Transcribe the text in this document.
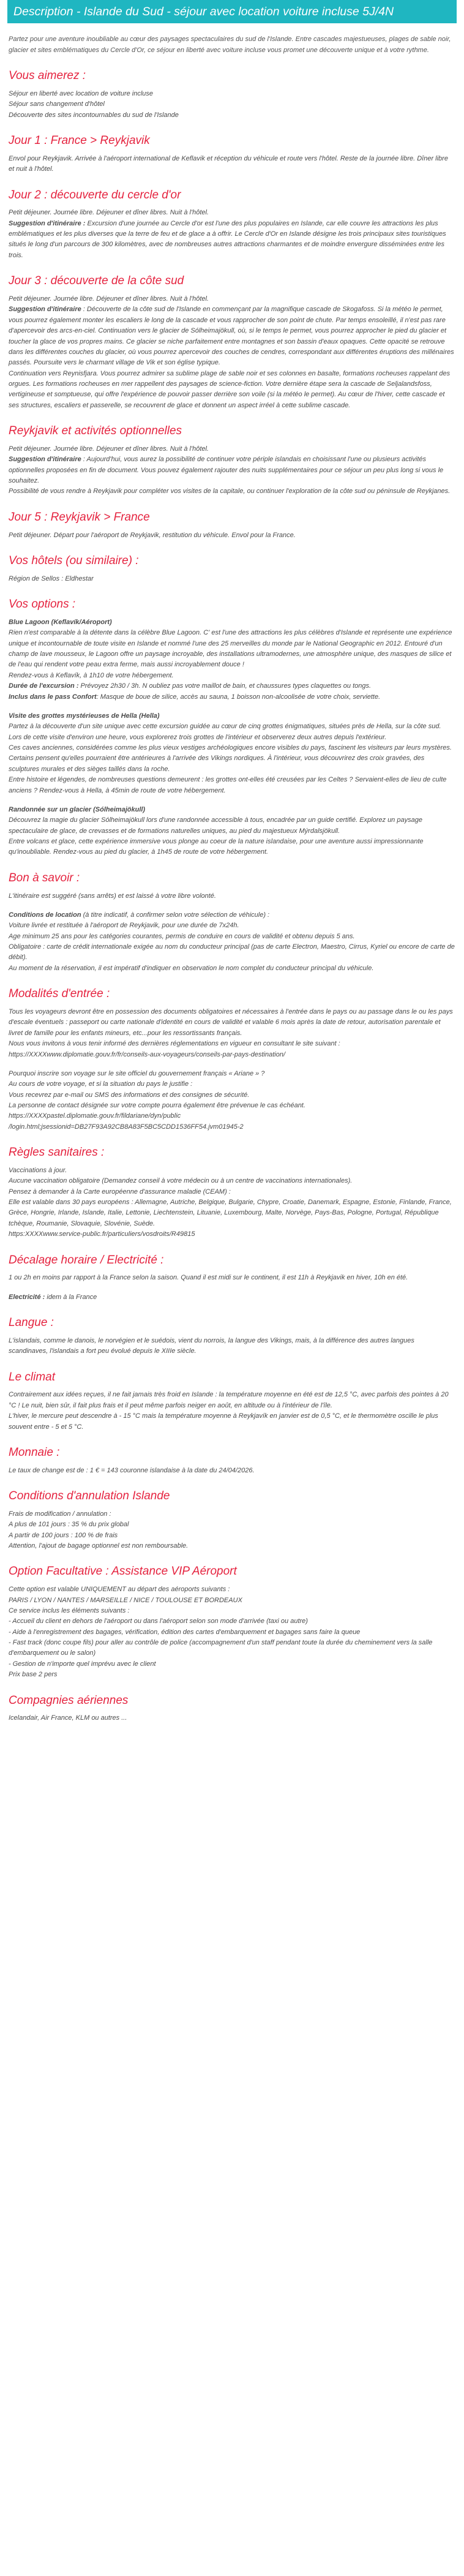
Description - Islande du Sud - séjour avec location voiture incluse 5J/4N

Partez pour une aventure inoubliable au cœur des paysages spectaculaires du sud de l'Islande. Entre cascades majestueuses, plages de sable noir, glacier et sites emblématiques du Cercle d'Or, ce séjour en liberté avec voiture incluse vous promet une découverte unique et à votre rythme.

Vous aimerez :

Séjour en liberté avec location de voiture incluse

Séjour sans changement d'hôtel

Découverte des sites incontournables du sud de l'Islande

Jour 1 : France > Reykjavik

Envol pour Reykjavik. Arrivée à l'aéroport international de Keflavik et réception du véhicule et route vers l'hôtel. Reste de la journée libre. Dîner libre et nuit à l'hôtel.

Jour 2 : découverte du cercle d'or

Petit déjeuner. Journée libre. Déjeuner et dîner libres. Nuit à l'hôtel.

Suggestion d'itinéraire : Excursion d'une journée au Cercle d'or est l'une des plus populaires en Islande, car elle couvre les attractions les plus emblématiques et les plus diverses que la terre de feu et de glace a à offrir. Le Cercle d'Or en Islande désigne les trois principaux sites touristiques situés le long d'un parcours de 300 kilomètres, avec de nombreuses autres attractions charmantes et de moindre envergure disséminées entre les trois.

Jour 3 : découverte de la côte sud

Petit déjeuner. Journée libre. Déjeuner et dîner libres. Nuit à l'hôtel.

Suggestion d'itinéraire : Découverte de la côte sud de l'Islande en commençant par la magnifique cascade de Skogafoss. Si la météo le permet, vous pourrez également monter les escaliers le long de la cascade et vous rapprocher de son point de chute. Par temps ensoleillé, il n'est pas rare d'apercevoir des arcs-en-ciel. Continuation vers le glacier de Sólheimajökull, où, si le temps le permet, vous pourrez approcher le pied du glacier et toucher la glace de vos propres mains. Ce glacier se niche parfaitement entre montagnes et son bassin d'eaux opaques. Cette opacité se retrouve dans les différentes couches du glacier, où vous pourrez apercevoir des couches de cendres, correspondant aux différentes éruptions des millénaires passés. Poursuite vers le charmant village de Vik et son église typique.

Continuation vers Reynisfjara. Vous pourrez admirer sa sublime plage de sable noir et ses colonnes en basalte, formations rocheuses rappelant des orgues. Les formations rocheuses en mer rappellent des paysages de science-fiction. Votre dernière étape sera la cascade de Seljalandsfoss, vertigineuse et somptueuse, qui offre l'expérience de pouvoir passer derrière son voile (si la météo le permet). Au cœur de l'hiver, cette cascade et ses structures, escaliers et passerelle, se recouvrent de glace et donnent un aspect irréel à cette sublime cascade.

Reykjavik et activités optionnelles

Petit déjeuner. Journée libre. Déjeuner et dîner libres. Nuit à l'hôtel.

Suggestion d'itinéraire : Aujourd'hui, vous aurez la possibilité de continuer votre périple islandais en choisissant l'une ou plusieurs activités optionnelles proposées en fin de document. Vous pouvez également rajouter des nuits supplémentaires pour ce séjour un peu plus long si vous le souhaitez.

Possibilité de vous rendre à Reykjavik pour compléter vos visites de la capitale, ou continuer l'exploration de la côte sud ou péninsule de Reykjanes.

Jour 5 : Reykjavik > France

Petit déjeuner. Départ pour l'aéroport de Reykjavik, restitution du véhicule. Envol pour la France.

Vos hôtels (ou similaire) :

Région de Sellos : Eldhestar

Vos options :

Blue Lagoon (Keflavík/Aéroport)

Rien n'est comparable à la détente dans la célèbre Blue Lagoon. C' est l'une des attractions les plus célèbres d'Islande et représente une expérience unique et incontournable de toute visite en Islande et nommé l'une des 25 merveilles du monde par le National Geographic en 2012. Entouré d'un champ de lave mousseux, le Lagoon offre un paysage incroyable, des installations ultramodernes, une atmosphère unique, des masques de silice et de l'eau qui rendent votre peau extra ferme, mais aussi incroyablement douce !

Rendez-vous à Keflavík, à 1h10 de votre hébergement.

Durée de l'excursion : Prévoyez 2h30 / 3h. N oubliez pas votre maillot de bain, et chaussures types claquettes ou tongs.

Inclus dans le pass Confort: Masque de boue de silice, accès au sauna, 1 boisson non-alcoolisée de votre choix, serviette.

Visite des grottes mystérieuses de Hella (Hella)

Partez à la découverte d'un site unique avec cette excursion guidée au cœur de cinq grottes énigmatiques, situées près de Hella, sur la côte sud. Lors de cette visite d'environ une heure, vous explorerez trois grottes de l'intérieur et observerez deux autres depuis l'extérieur.

Ces caves anciennes, considérées comme les plus vieux vestiges archéologiques encore visibles du pays, fascinent les visiteurs par leurs mystères. Certains pensent qu'elles pourraient être antérieures à l'arrivée des Vikings nordiques. À l'intérieur, vous découvrirez des croix gravées, des sculptures murales et des sièges taillés dans la roche.

Entre histoire et légendes, de nombreuses questions demeurent : les grottes ont-elles été creusées par les Celtes ? Servaient-elles de lieu de culte anciens ? Rendez-vous à Hella, à 45min de route de votre hébergement.

Randonnée sur un glacier (Sólheimajökull)

Découvrez la magie du glacier Sólheimajökull lors d'une randonnée accessible à tous, encadrée par un guide certifié. Explorez un paysage spectaculaire de glace, de crevasses et de formations naturelles uniques, au pied du majestueux Mýrdalsjökull.

Entre volcans et glace, cette expérience immersive vous plonge au coeur de la nature islandaise, pour une aventure aussi impressionnante qu'inoubliable. Rendez-vous au pied du glacier, à 1h45 de route de votre hébergement.

Bon à savoir :

L'itinéraire est suggéré (sans arrêts) et est laissé à votre libre volonté.

Conditions de location (à titre indicatif, à confirmer selon votre sélection de véhicule) :

Voiture livrée et restituée à l'aéroport de Reykjavik, pour une durée de 7x24h.

Age minimum 25 ans pour les catégories courantes, permis de conduire en cours de validité et obtenu depuis 5 ans.

Obligatoire : carte de crédit internationale exigée au nom du conducteur principal (pas de carte Electron, Maestro, Cirrus, Kyriel ou encore de carte de débit).

Au moment de la réservation, il est impératif d'indiquer en observation le nom complet du conducteur principal du véhicule.

Modalités d'entrée :

Tous les voyageurs devront être en possession des documents obligatoires et nécessaires à l'entrée dans le pays ou au passage dans le ou les pays d'escale éventuels : passeport ou carte nationale d'identité en cours de validité et valable 6 mois après la date de retour, autorisation parentale et livret de famille pour les enfants mineurs, etc...pour les ressortissants français.

Nous vous invitons à vous tenir informé des dernières réglementations en vigueur en consultant le site suivant : https://XXXXwww.diplomatie.gouv.fr/fr/conseils-aux-voyageurs/conseils-par-pays-destination/

Pourquoi inscrire son voyage sur le site officiel du gouvernement français « Ariane » ?

Au cours de votre voyage, et si la situation du pays le justifie :

Vous recevrez par e-mail ou SMS des informations et des consignes de sécurité.

La personne de contact désignée sur votre compte pourra également être prévenue le cas échéant.

https://XXXXpastel.diplomatie.gouv.fr/fildariane/dyn/public

/login.html;jsessionid=DB27F93A92CB8A83F5BC5CDD1536FF54.jvm01945-2

Règles sanitaires :

Vaccinations à jour.

Aucune vaccination obligatoire (Demandez conseil à votre médecin ou à un centre de vaccinations internationales).

Pensez à demander à la Carte européenne d'assurance maladie (CEAM) :

Elle est valable dans 30 pays européens : Allemagne, Autriche, Belgique, Bulgarie, Chypre, Croatie, Danemark, Espagne, Estonie, Finlande, France, Grèce, Hongrie, Irlande, Islande, Italie, Lettonie, Liechtenstein, Lituanie, Luxembourg, Malte, Norvège, Pays-Bas, Pologne, Portugal, République tchèque, Roumanie, Slovaquie, Slovénie, Suède.

https:XXXXwww.service-public.fr/particuliers/vosdroits/R49815

Décalage horaire / Electricité :

1 ou 2h en moins par rapport à la France selon la saison. Quand il est midi sur le continent, il est 11h à Reykjavik en hiver, 10h en été.

Electricité : idem à la France

Langue :

L'islandais, comme le danois, le norvégien et le suédois, vient du norrois, la langue des Vikings, mais, à la différence des autres langues scandinaves, l'islandais a fort peu évolué depuis le XIIIe siècle.

Le climat

Contrairement aux idées reçues, il ne fait jamais très froid en Islande : la température moyenne en été est de 12,5 °C, avec parfois des pointes à 20 °C ! Le nuit, bien sûr, il fait plus frais et il peut même parfois neiger en août, en altitude ou à l'intérieur de l'île.

L'hiver, le mercure peut descendre à - 15 °C mais la température moyenne à Reykjavík en janvier est de 0,5 °C, et le thermomètre oscille le plus souvent entre - 5 et 5 °C.

Monnaie :

Le taux de change est de : 1 € = 143 couronne islandaise à la date du 24/04/2026.

Conditions d'annulation Islande

Frais de modification / annulation :

A plus de 101 jours : 35 % du prix global

A partir de 100 jours : 100 % de frais

Attention, l'ajout de bagage optionnel est non remboursable.

Option Facultative : Assistance VIP Aéroport

Cette option est valable UNIQUEMENT au départ des aéroports suivants :

PARIS / LYON / NANTES / MARSEILLE / NICE / TOULOUSE ET BORDEAUX

Ce service inclus les éléments suivants :

- Accueil du client en dehors de l'aéroport ou dans l'aéroport selon son mode d'arrivée (taxi ou autre)

- Aide à l'enregistrement des bagages, vérification, édition des cartes d'embarquement et bagages sans faire la queue

- Fast track (donc coupe fils) pour aller au contrôle de police (accompagnement d'un staff pendant toute la durée du cheminement vers la salle d'embarquement ou le salon)

- Gestion de n'importe quel imprévu avec le client

Prix base 2 pers

Compagnies aériennes

Icelandair, Air France, KLM ou autres ...
